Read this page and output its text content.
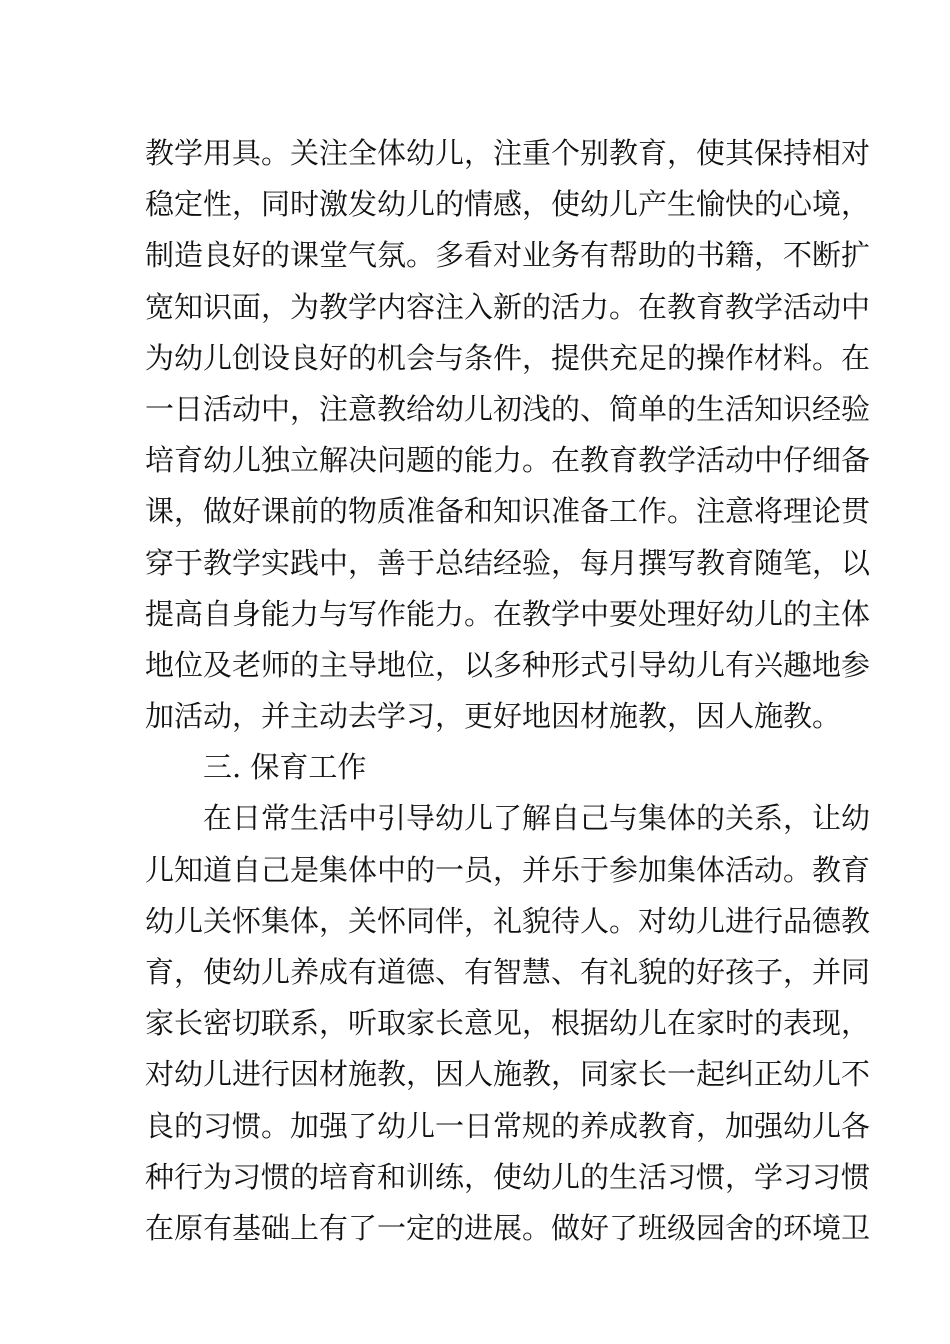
教学用具。关注全体幼儿，注重个别教育，使其保持相对
稳定性，同时激发幼儿的情感，使幼儿产生愉快的心境，
制造良好的课堂气氛。多看对业务有帮助的书籍，不断扩
宽知识面，为教学内容注入新的活力。在教育教学活动中
为幼儿创设良好的机会与条件，提供充足的操作材料。在
一日活动中，注意教给幼儿初浅的、简单的生活知识经验
培育幼儿独立解决问题的能力。在教育教学活动中仔细备
课，做好课前的物质准备和知识准备工作。注意将理论贯
穿于教学实践中，善于总结经验，每月撰写教育随笔，以
提高自身能力与写作能力。在教学中要处理好幼儿的主体
地位及老师的主导地位，以多种形式引导幼儿有兴趣地参
加活动，并主动去学习，更好地因材施教，因人施教。
三. 保育工作
在日常生活中引导幼儿了解自己与集体的关系，让幼
儿知道自己是集体中的一员，并乐于参加集体活动。教育
幼儿关怀集体，关怀同伴，礼貌待人。对幼儿进行品德教
育，使幼儿养成有道德、有智慧、有礼貌的好孩子，并同
家长密切联系，听取家长意见，根据幼儿在家时的表现，
对幼儿进行因材施教，因人施教，同家长一起纠正幼儿不
良的习惯。加强了幼儿一日常规的养成教育，加强幼儿各
种行为习惯的培育和训练，使幼儿的生活习惯，学习习惯
在原有基础上有了一定的进展。做好了班级园舍的环境卫
